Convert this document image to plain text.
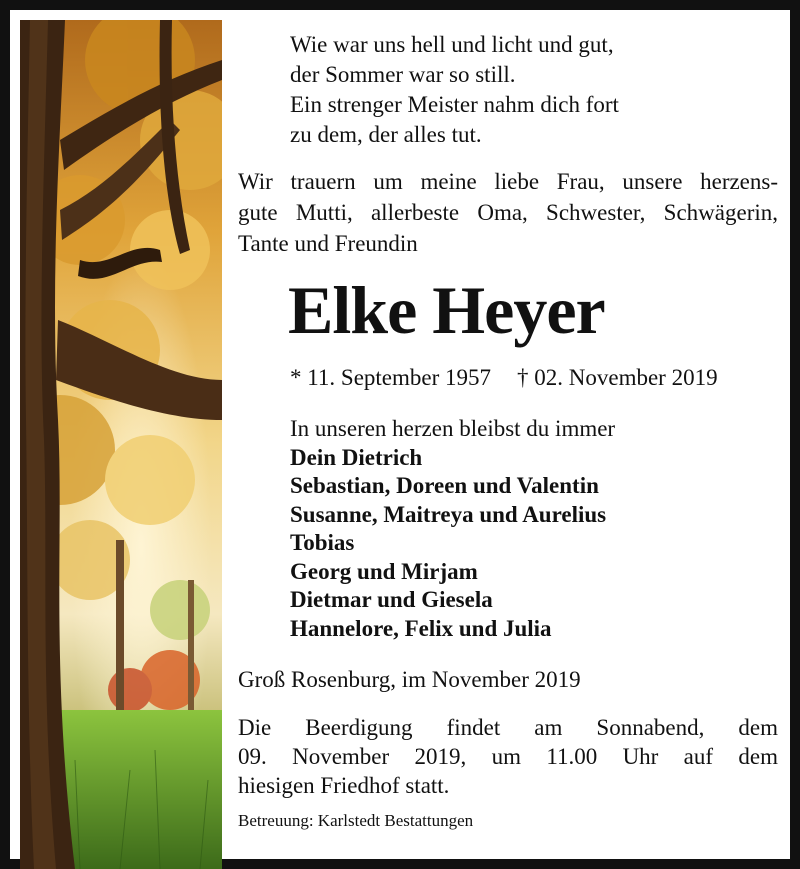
Wie war uns hell und licht und gut,
der Sommer war so still.
Ein strenger Meister nahm dich fort
zu dem, der alles tut.
Wir trauern um meine liebe Frau, unsere herzens-
gute Mutti, allerbeste Oma, Schwester, Schwägerin,
Tante und Freundin
Elke Heyer
* 11. September 1957 † 02. November 2019
In unseren herzen bleibst du immer
Dein Dietrich
Sebastian, Doreen und Valentin
Susanne, Maitreya und Aurelius
Tobias
Georg und Mirjam
Dietmar und Giesela
Hannelore, Felix und Julia
Groß Rosenburg, im November 2019
Die Beerdigung findet am Sonnabend, dem
09. November 2019, um 11.00 Uhr auf dem
hiesigen Friedhof statt.
Betreuung: Karlstedt Bestattungen
